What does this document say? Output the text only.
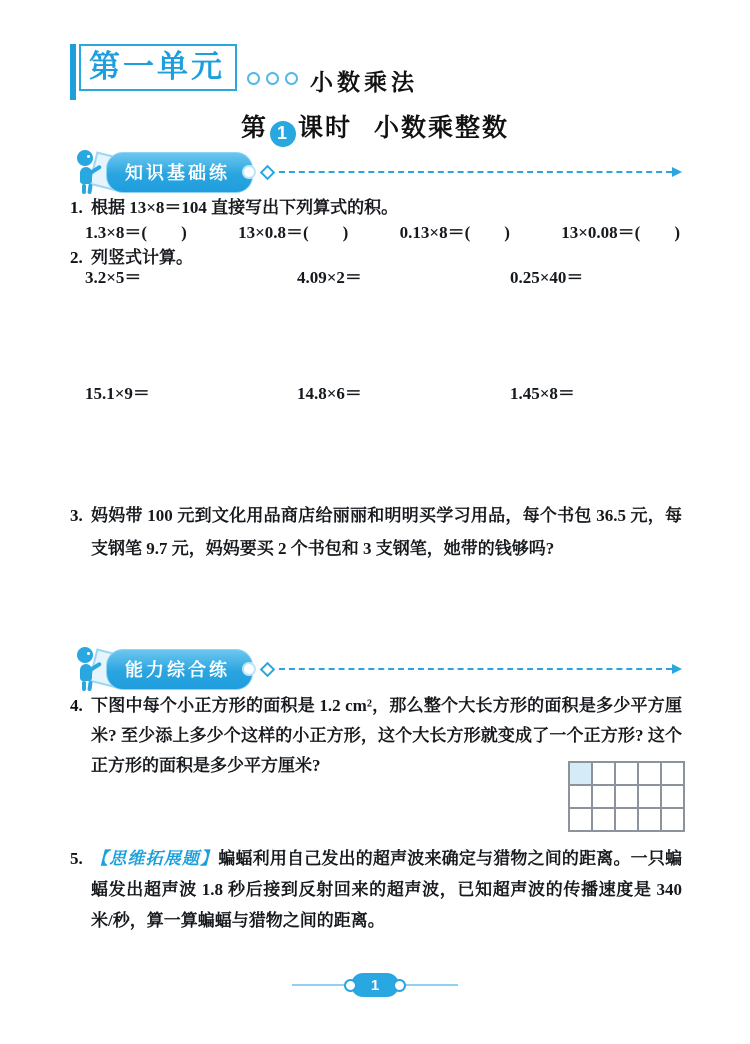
第一单元	小数乘法
第 1 课时 小数乘整数
知识基础练
能力综合练
1. 根据 13×8＝104 直接写出下列算式的积。
1.3×8＝(　　)	13×0.8＝(　　)	0.13×8＝(　　)	13×0.08＝(　　)
2. 列竖式计算。
3.2×5＝	4.09×2＝	0.25×40＝
15.1×9＝	14.8×6＝	1.45×8＝
3. 妈妈带 100 元到文化用品商店给丽丽和明明买学习用品，每个书包 36.5 元，每支钢笔 9.7 元，妈妈要买 2 个书包和 3 支钢笔，她带的钱够吗?
4. 下图中每个小正方形的面积是 1.2 cm²，那么整个大长方形的面积是多少平方厘米? 至少添上多少个这样的小正方形，这个大长方形就变成了一个正方形? 这个正方形的面积是多少平方厘米?
5. 【思维拓展题】蝙蝠利用自己发出的超声波来确定与猎物之间的距离。一只蝙蝠发出超声波 1.8 秒后接到反射回来的超声波，已知超声波的传播速度是 340 米/秒，算一算蝙蝠与猎物之间的距离。
1
